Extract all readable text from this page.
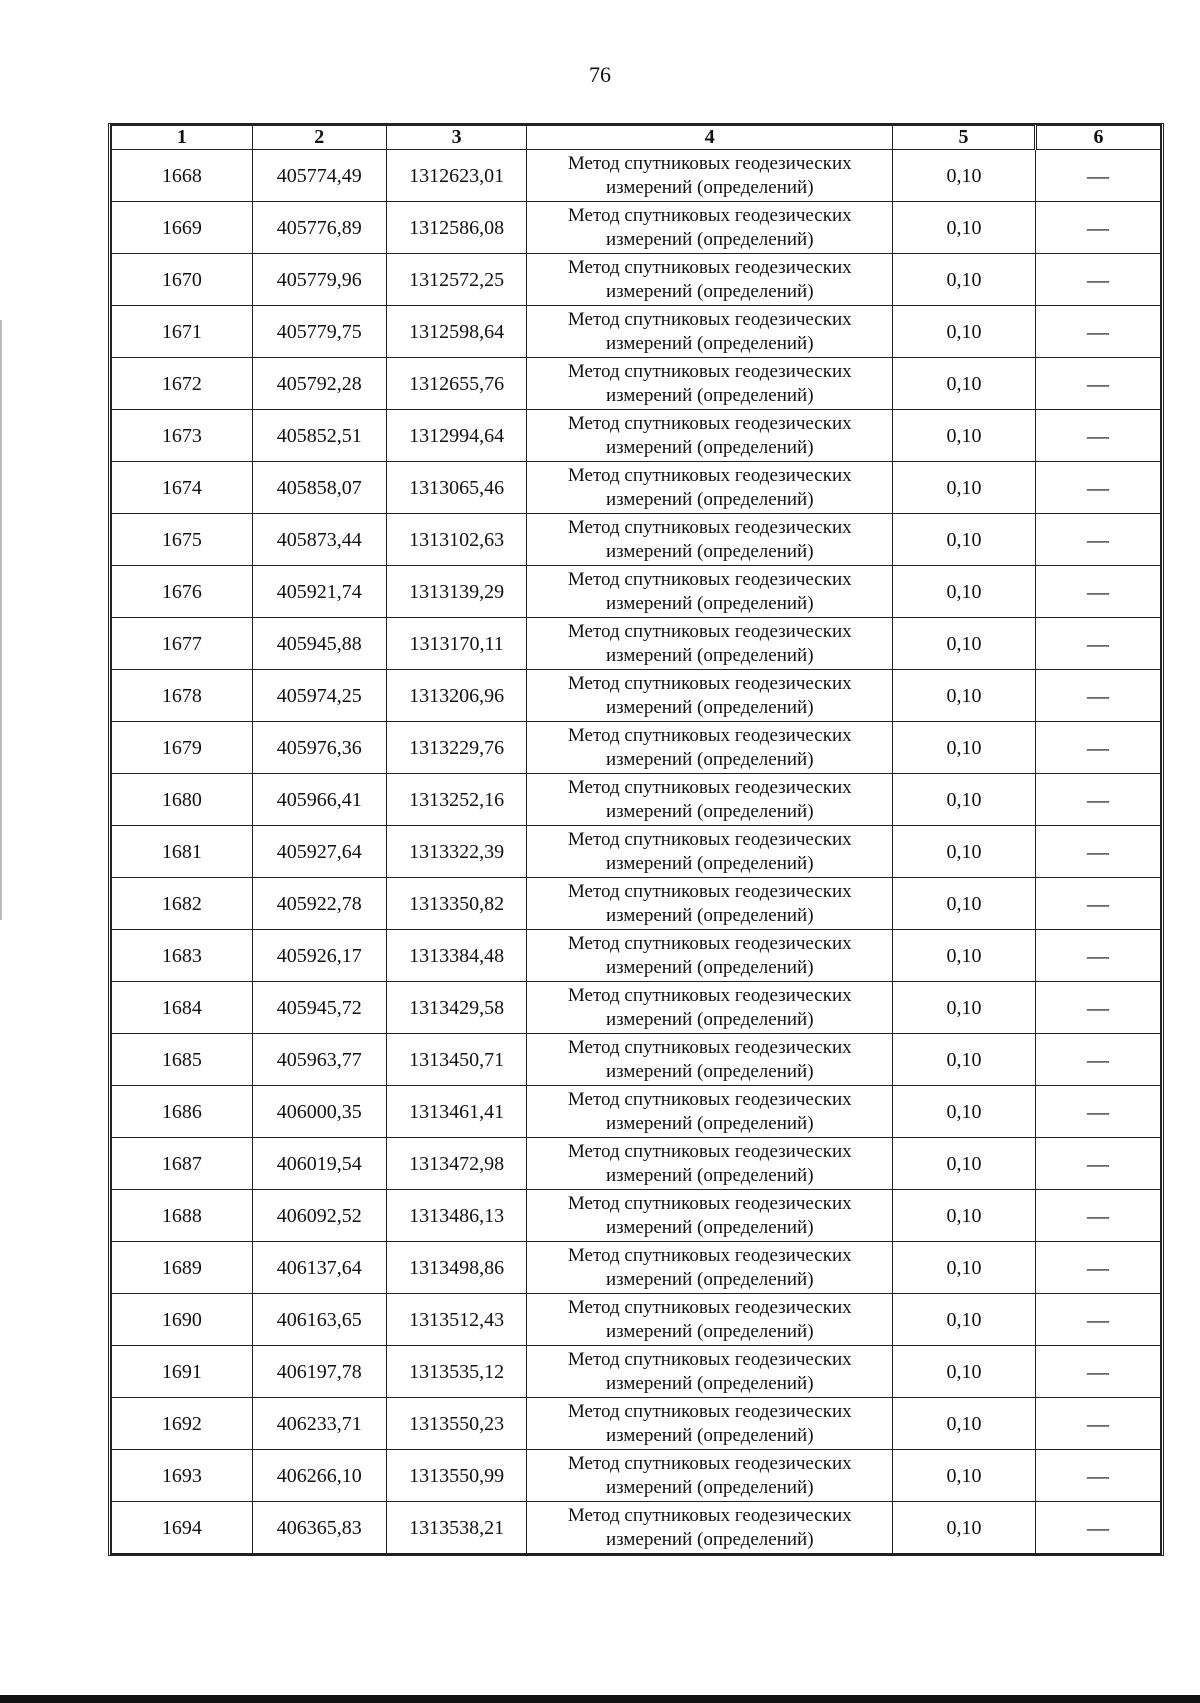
76
1	2	3	4	5	6
1668	405774,49	1312623,01	Метод спутниковых геодезических
измерений (определений)	0,10	—
1669	405776,89	1312586,08	Метод спутниковых геодезических
измерений (определений)	0,10	—
1670	405779,96	1312572,25	Метод спутниковых геодезических
измерений (определений)	0,10	—
1671	405779,75	1312598,64	Метод спутниковых геодезических
измерений (определений)	0,10	—
1672	405792,28	1312655,76	Метод спутниковых геодезических
измерений (определений)	0,10	—
1673	405852,51	1312994,64	Метод спутниковых геодезических
измерений (определений)	0,10	—
1674	405858,07	1313065,46	Метод спутниковых геодезических
измерений (определений)	0,10	—
1675	405873,44	1313102,63	Метод спутниковых геодезических
измерений (определений)	0,10	—
1676	405921,74	1313139,29	Метод спутниковых геодезических
измерений (определений)	0,10	—
1677	405945,88	1313170,11	Метод спутниковых геодезических
измерений (определений)	0,10	—
1678	405974,25	1313206,96	Метод спутниковых геодезических
измерений (определений)	0,10	—
1679	405976,36	1313229,76	Метод спутниковых геодезических
измерений (определений)	0,10	—
1680	405966,41	1313252,16	Метод спутниковых геодезических
измерений (определений)	0,10	—
1681	405927,64	1313322,39	Метод спутниковых геодезических
измерений (определений)	0,10	—
1682	405922,78	1313350,82	Метод спутниковых геодезических
измерений (определений)	0,10	—
1683	405926,17	1313384,48	Метод спутниковых геодезических
измерений (определений)	0,10	—
1684	405945,72	1313429,58	Метод спутниковых геодезических
измерений (определений)	0,10	—
1685	405963,77	1313450,71	Метод спутниковых геодезических
измерений (определений)	0,10	—
1686	406000,35	1313461,41	Метод спутниковых геодезических
измерений (определений)	0,10	—
1687	406019,54	1313472,98	Метод спутниковых геодезических
измерений (определений)	0,10	—
1688	406092,52	1313486,13	Метод спутниковых геодезических
измерений (определений)	0,10	—
1689	406137,64	1313498,86	Метод спутниковых геодезических
измерений (определений)	0,10	—
1690	406163,65	1313512,43	Метод спутниковых геодезических
измерений (определений)	0,10	—
1691	406197,78	1313535,12	Метод спутниковых геодезических
измерений (определений)	0,10	—
1692	406233,71	1313550,23	Метод спутниковых геодезических
измерений (определений)	0,10	—
1693	406266,10	1313550,99	Метод спутниковых геодезических
измерений (определений)	0,10	—
1694	406365,83	1313538,21	Метод спутниковых геодезических
измерений (определений)	0,10	—
